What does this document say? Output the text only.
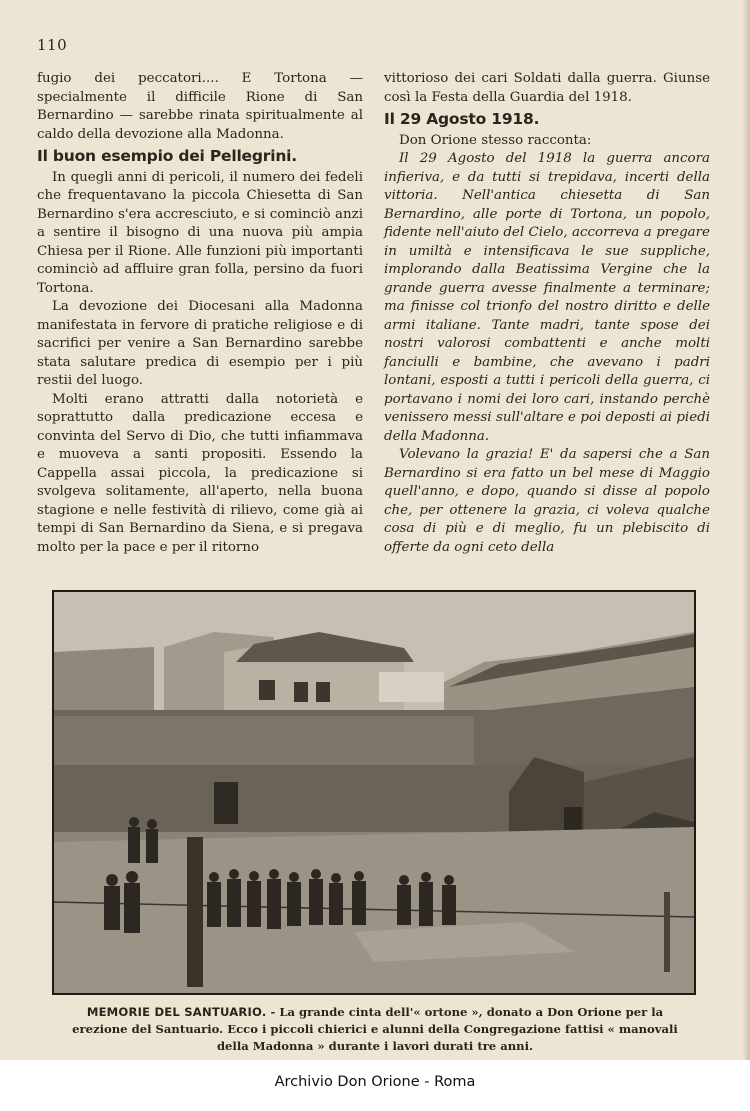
110

fugio dei peccatori.... E Tortona — specialmente il difficile Rione di San Bernardino — sarebbe rinata spiritualmente al caldo della devozione alla Madonna.

Il buon esempio dei Pellegrini.

In quegli anni di pericoli, il numero dei fedeli che frequentavano la piccola Chiesetta di San Bernardino s'era accresciuto, e si cominciò anzi a sentire il bisogno di una nuova più ampia Chiesa per il Rione. Alle funzioni più importanti cominciò ad affluire gran folla, persino da fuori Tortona.

La devozione dei Diocesani alla Madonna manifestata in fervore di pratiche religiose e di sacrifici per venire a San Bernardino sarebbe stata salutare predica di esempio per i più restii del luogo.

Molti erano attratti dalla notorietà e soprattutto dalla predicazione eccesa e convinta del Servo di Dio, che tutti infiammava e muoveva a santi propositi. Essendo la Cappella assai piccola, la predicazione si svolgeva solitamente, all'aperto, nella buona stagione e nelle festività di rilievo, come già ai tempi di San Bernardino da Siena, e si pregava molto per la pace e per il ritorno

vittorioso dei cari Soldati dalla guerra. Giunse così la Festa della Guardia del 1918.

Il 29 Agosto 1918.

Don Orione stesso racconta:

Il 29 Agosto del 1918 la guerra ancora infieriva, e da tutti si trepidava, incerti della vittoria. Nell'antica chiesetta di San Bernardino, alle porte di Tortona, un popolo, fidente nell'aiuto del Cielo, accorreva a pregare in umiltà e intensificava le sue suppliche, implorando dalla Beatissima Vergine che la grande guerra avesse finalmente a terminare; ma finisse col trionfo del nostro diritto e delle armi italiane. Tante madri, tante spose dei nostri valorosi combattenti e anche molti fanciulli e bambine, che avevano i padri lontani, esposti a tutti i pericoli della guerra, ci portavano i nomi dei loro cari, instando perchè venissero messi sull'altare e poi deposti ai piedi della Madonna.

Volevano la grazia! E' da sapersi che a San Bernardino si era fatto un bel mese di Maggio quell'anno, e dopo, quando si disse al popolo che, per ottenere la grazia, ci voleva qualche cosa di più e di meglio, fu un plebiscito di offerte da ogni ceto della

MEMORIE DEL SANTUARIO. - La grande cinta dell'« ortone », donato a Don Orione per la erezione del Santuario. Ecco i piccoli chierici e alunni della Congregazione fattisi « manovali della Madonna » durante i lavori durati tre anni.
Archivio Don Orione - Roma
